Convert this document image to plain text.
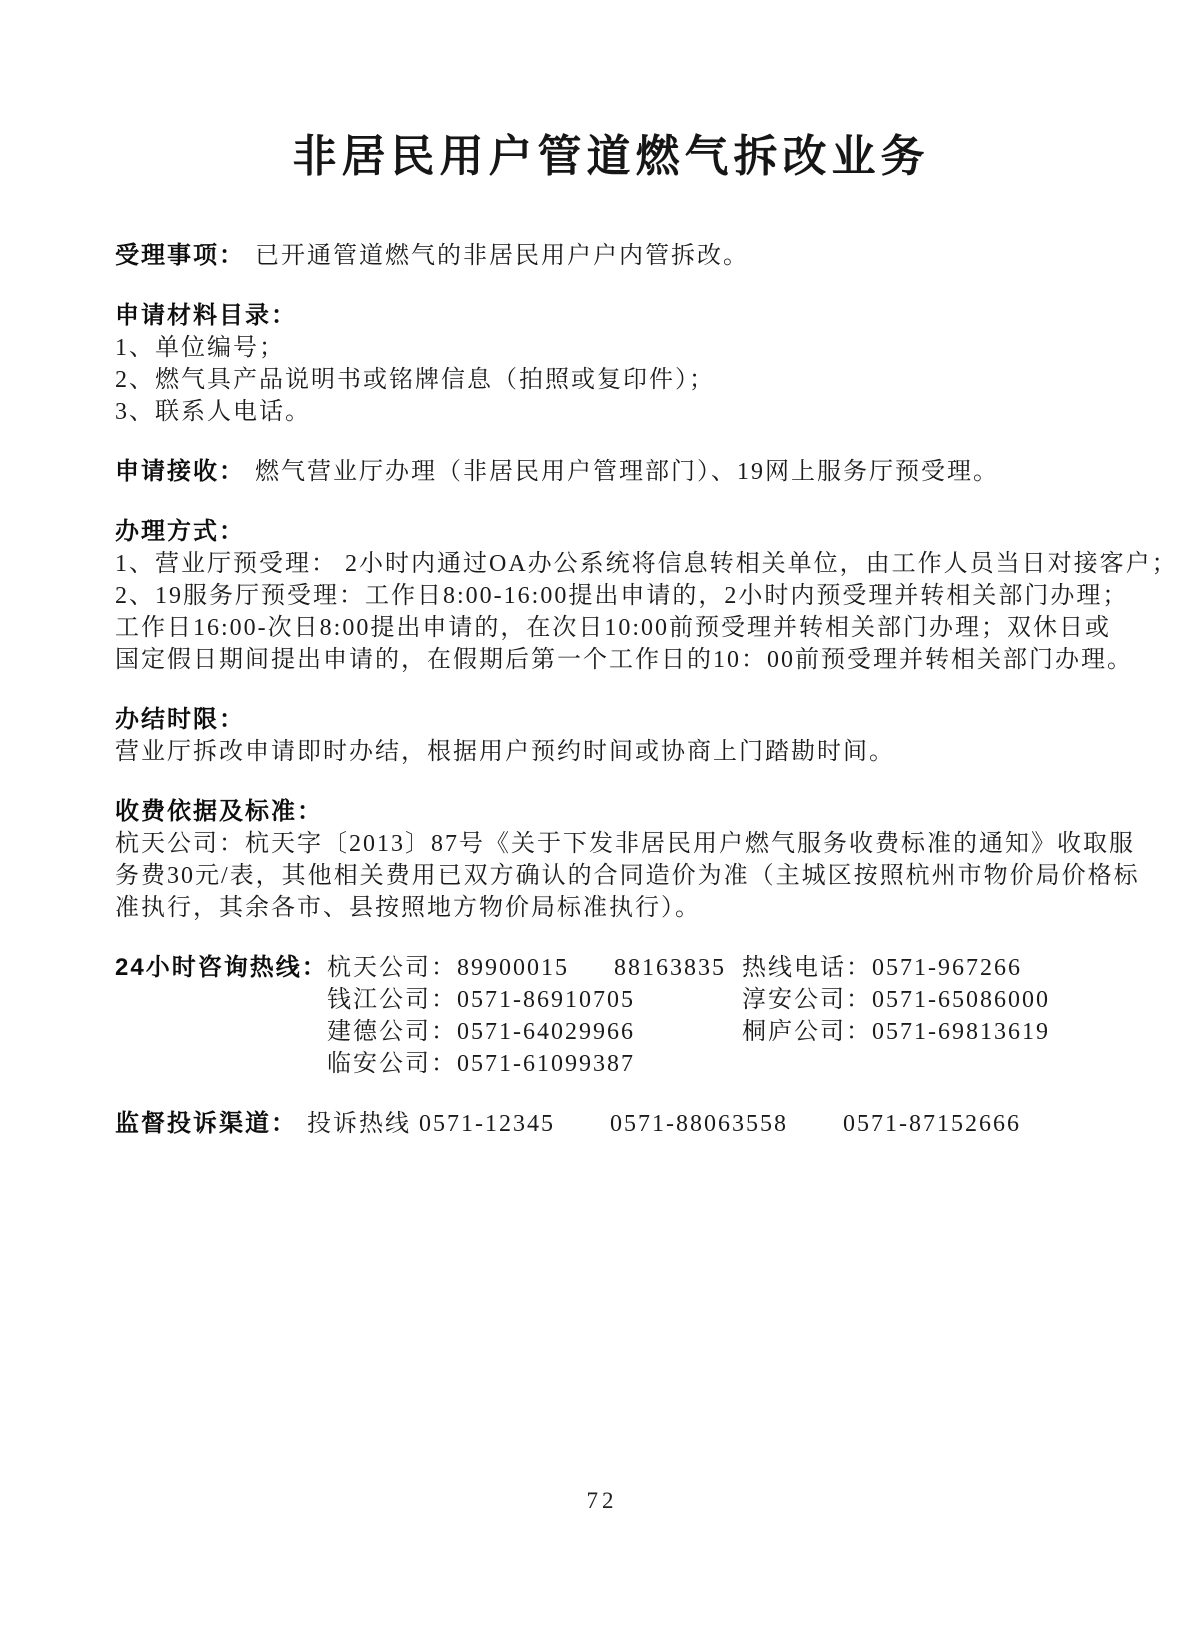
非居民用户管道燃气拆改业务

受理事项： 已开通管道燃气的非居民用户户内管拆改。

申请材料目录：

1、单位编号；

2、燃气具产品说明书或铭牌信息（拍照或复印件）；

3、联系人电话。

申请接收： 燃气营业厅办理（非居民用户管理部门）、19网上服务厅预受理。

办理方式：

1、营业厅预受理： 2小时内通过OA办公系统将信息转相关单位，由工作人员当日对接客户；

2、19服务厅预受理：工作日8:00-16:00提出申请的，2小时内预受理并转相关部门办理；

工作日16:00-次日8:00提出申请的，在次日10:00前预受理并转相关部门办理；双休日或

国定假日期间提出申请的，在假期后第一个工作日的10：00前预受理并转相关部门办理。

办结时限：

营业厅拆改申请即时办结，根据用户预约时间或协商上门踏勘时间。

收费依据及标准：

杭天公司：杭天字〔2013〕87号《关于下发非居民用户燃气服务收费标准的通知》收取服

务费30元/表，其他相关费用已双方确认的合同造价为准（主城区按照杭州市物价局价格标

准执行，其余各市、县按照地方物价局标准执行）。

24小时咨询热线： 杭天公司：89900015 88163835 热线电话：0571-967266
钱江公司：0571-86910705	淳安公司：0571-65086000
建德公司：0571-64029966	桐庐公司：0571-69813619
临安公司：0571-61099387

监督投诉渠道： 投诉热线 0571-12345 0571-88063558 0571-87152666

72
